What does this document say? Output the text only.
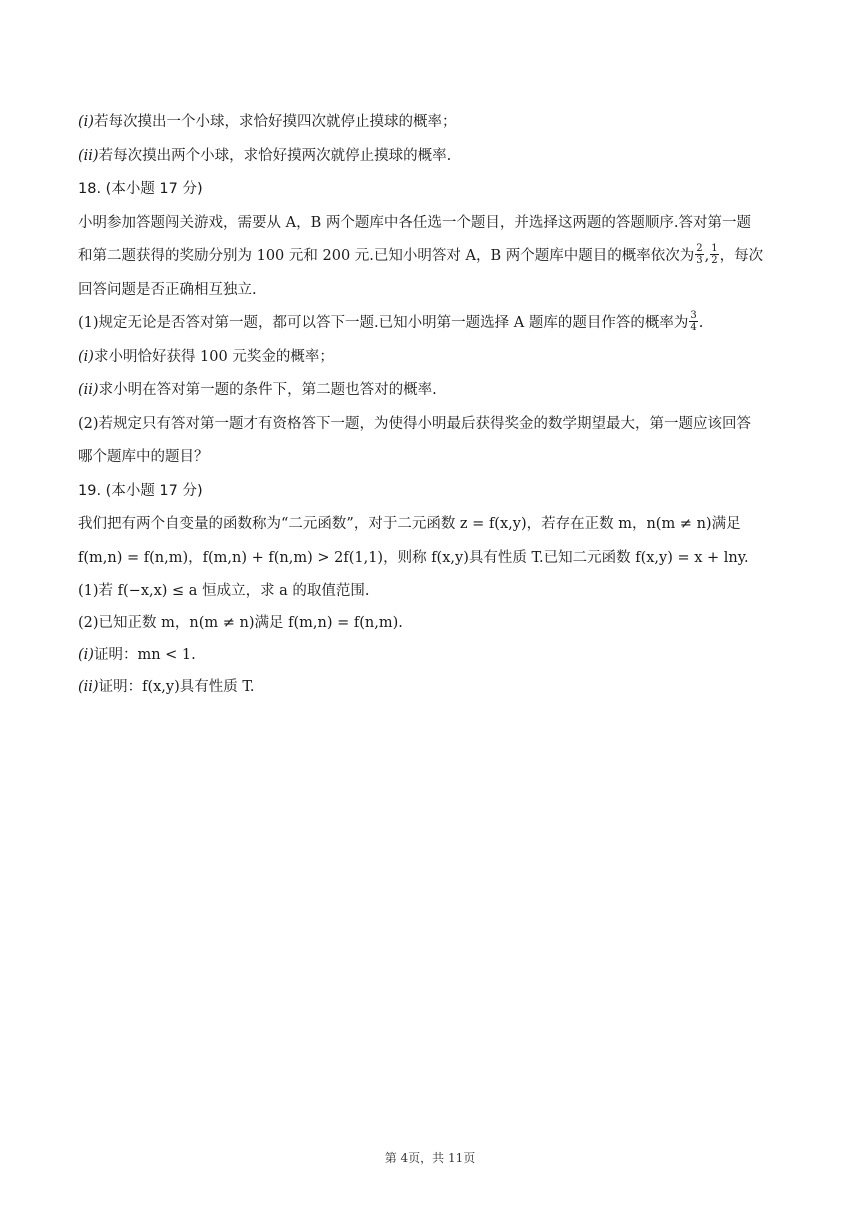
(i)若每次摸出一个小球，求恰好摸四次就停止摸球的概率；
(ii)若每次摸出两个小球，求恰好摸两次就停止摸球的概率.
18. (本小题 17 分)
小明参加答题闯关游戏，需要从 A，B 两个题库中各任选一个题目，并选择这两题的答题顺序.答对第一题
和第二题获得的奖励分别为 100 元和 200 元.已知小明答对 A，B 两个题库中题目的概率依次为 $\frac{2}{3}$ , $\frac{1}{2}$ ，每次
回答问题是否正确相互独立.
(1)规定无论是否答对第一题，都可以答下一题.已知小明第一题选择 A 题库的题目作答的概率为 $\frac{3}{4}$ .
(i)求小明恰好获得 100 元奖金的概率；
(ii)求小明在答对第一题的条件下，第二题也答对的概率.
(2)若规定只有答对第一题才有资格答下一题，为使得小明最后获得奖金的数学期望最大，第一题应该回答
哪个题库中的题目？
19. (本小题 17 分)
我们把有两个自变量的函数称为“二元函数”，对于二元函数 z = f(x,y)，若存在正数 m，n(m ≠ n)满足
f(m,n) = f(n,m)，f(m,n) + f(n,m) > 2f(1,1)，则称 f(x,y)具有性质 T.已知二元函数 f(x,y) = x + lny.
(1)若 f(−x,x) ≤ a 恒成立，求 a 的取值范围.
(2)已知正数 m，n(m ≠ n)满足 f(m,n) = f(n,m).
(i)证明：mn < 1.
(ii)证明：f(x,y)具有性质 T.
第 4页，共 11页
